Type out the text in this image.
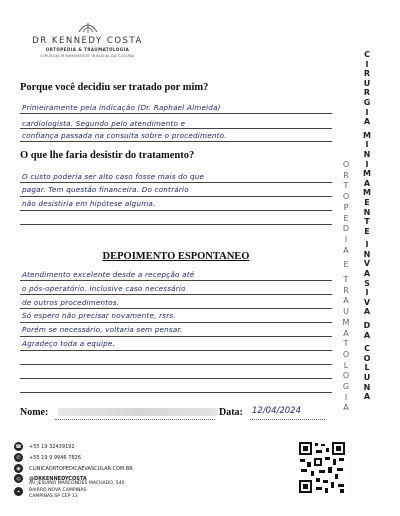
DR KENNEDY COSTA
ORTOPEDIA & TRAUMATOLOGIA
CIRURGIA MINIMAMENTE INVASIVA DA COLUNA
Porque você decidiu ser tratado por mim?
Primeiramente pela indicação (Dr. Raphael Almeida)
cardiologista. Segundo pelo atendimento e
confiança passada na consulta sobre o procedimento.
O que lhe faria desistir do tratamento?
O custo poderia ser alto caso fosse mais do que
pagar. Tem questão financeira. Do contrário
não desistiria em hipótese alguma.
DEPOIMENTO ESPONTANEO
Atendimento excelente desde a recepção até
o pós-operatório. Inclusive caso necessário
de outros procedimentos.
Só espero não precisar novamente, rsrs.
Porém se necessário, voltaria sem pensar.
Agradeço toda a equipe.
Nome:	Data: 12/04/2024
C
I
R
U
R
G
I
A

M
I
N
I
M
A
M
E
N
T
E

I
N
V
A
S
I
V
A

D
A

C
O
L
U
N
A
O
R
T
O
P
E
D
I
A

E

T
R
A
U
M
A
T
O
L
O
G
I
A
☎ +55 19 32439192
✆	+55 19 9 9946 7826
◉	CLINICAORTOPEDICAEVASCULAR.COM.BR
◎	@DRKENNEDYCOSTA
⌖
AV. JESUINO MARCONDES MACHADO, 540
BAIRRO NOVA CAMPINAS
CAMPINAS SP CEP 13
